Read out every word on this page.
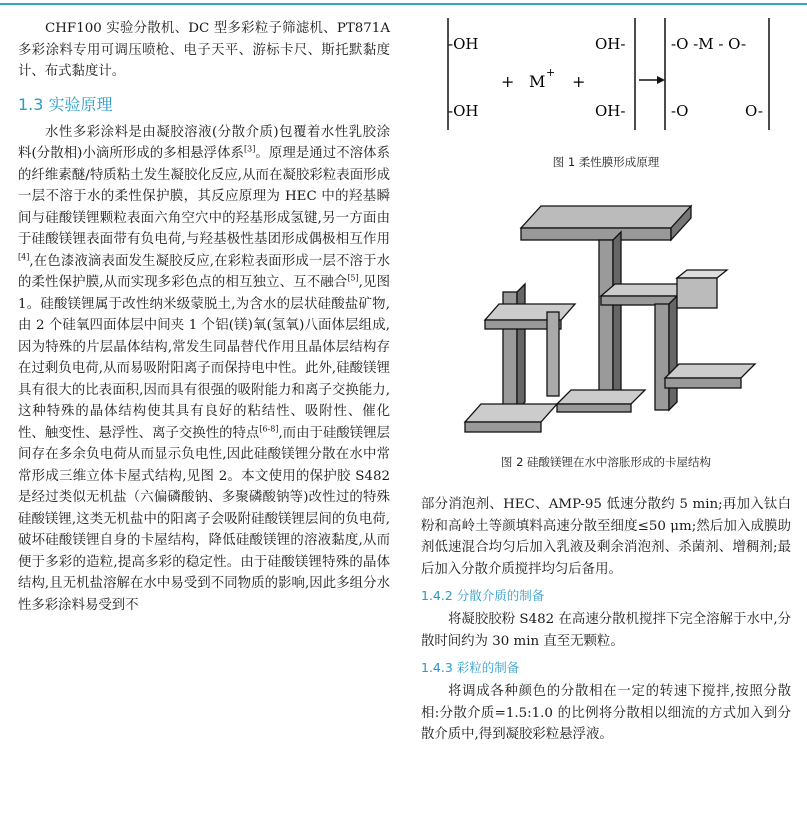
CHF100 实验分散机、DC 型多彩粒子筛滤机、PT871A 多彩涂料专用可调压喷枪、电子天平、游标卡尺、斯托默黏度计、布式黏度计。

1.3 实验原理

水性多彩涂料是由凝胶溶液(分散介质)包覆着水性乳胶涂料(分散相)小滴所形成的多相悬浮体系[3]。原理是通过不溶体系的纤维素醚/特质粘土发生凝胶化反应,从而在凝胶彩粒表面形成一层不溶于水的柔性保护膜，其反应原理为 HEC 中的羟基瞬间与硅酸镁锂颗粒表面六角空穴中的羟基形成氢键,另一方面由于硅酸镁锂表面带有负电荷,与羟基极性基团形成偶极相互作用[4],在色漆液滴表面发生凝胶反应,在彩粒表面形成一层不溶于水的柔性保护膜,从而实现多彩色点的相互独立、互不融合[5],见图 1。硅酸镁锂属于改性纳米级蒙脱土,为含水的层状硅酸盐矿物,由 2 个硅氧四面体层中间夹 1 个铝(镁)氧(氢氧)八面体层组成,因为特殊的片层晶体结构,常发生同晶替代作用且晶体层结构存在过剩负电荷,从而易吸附阳离子而保持电中性。此外,硅酸镁锂具有很大的比表面积,因而具有很强的吸附能力和离子交换能力,这种特殊的晶体结构使其具有良好的粘结性、吸附性、催化性、触变性、悬浮性、离子交换性的特点[6-8],而由于硅酸镁锂层间存在多余负电荷从而显示负电性,因此硅酸镁锂分散在水中常常形成三维立体卡屋式结构,见图 2。本文使用的保护胶 S482 是经过类似无机盐（六偏磷酸钠、多聚磷酸钠等)改性过的特殊硅酸镁锂,这类无机盐中的阳离子会吸附硅酸镁锂层间的负电荷,破坏硅酸镁锂自身的卡屋结构，降低硅酸镁锂的溶液黏度,从而便于多彩的造粒,提高多彩的稳定性。由于硅酸镁锂特殊的晶体结构,且无机盐溶解在水中易受到不同物质的影响,因此多组分水性多彩涂料易受到不

-OH
-OH
OH-
OH-
+ M + +
-O -M - O-
-O	O-
图 1 柔性膜形成原理
图 2 硅酸镁锂在水中溶胀形成的卡屋结构

部分消泡剂、HEC、AMP-95 低速分散约 5 min;再加入钛白粉和高岭土等颜填料高速分散至细度≤50 μm;然后加入成膜助剂低速混合均匀后加入乳液及剩余消泡剂、杀菌剂、增稠剂;最后加入分散介质搅拌均匀后备用。

1.4.2 分散介质的制备

将凝胶胶粉 S482 在高速分散机搅拌下完全溶解于水中,分散时间约为 30 min 直至无颗粒。

1.4.3 彩粒的制备

将调成各种颜色的分散相在一定的转速下搅拌,按照分散相:分散介质=1.5:1.0 的比例将分散相以细流的方式加入到分散介质中,得到凝胶彩粒悬浮液。
